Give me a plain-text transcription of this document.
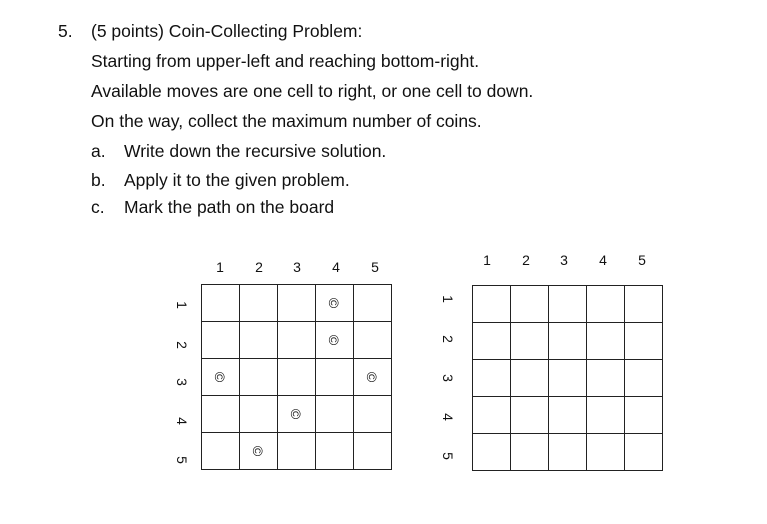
5. (5 points) Coin-Collecting Problem:
Starting from upper-left and reaching bottom-right.
Available moves are one cell to right, or one cell to down.
On the way, collect the maximum number of coins.
a. Write down the recursive solution.
b. Apply it to the given problem.
c. Mark the path on the board
1 2 3 4 5
1
2
3
4
5
			©	
			©	
©				©
		©		
	©			
1 2 3 4 5
1
2
3
4
5
